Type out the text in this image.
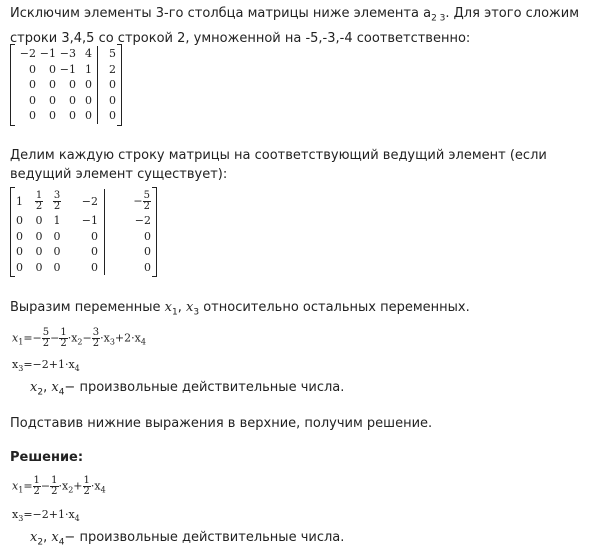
Исключим элементы 3-го столбца матрицы ниже элемента $a_{2 3}$. Для этого сложим
строки 3,4,5 со строкой 2, умноженной на -5,-3,-4 соответственно:
−2	−1	−3	4	5
0	0	−1	1	2
0	0	0	0	0
0	0	0	0	0
0	0	0	0	0
Делим каждую строку матрицы на соответствующий ведущий элемент (если ведущий элемент существует):
1	$\frac{1}{2}$	$\frac{3}{2}$	−2	− $\frac{5}{2}$

0	0	1	−1	−2
0	0	0	0	0
0	0	0	0	0
0	0	0	0	0
Выразим переменные $x_1$, $x_3$ относительно остальных переменных.
$x_1=- \frac{5}{2} - \frac{1}{2} \cdot x_2- \frac{3}{2} \cdot x_3+2\cdot x_4$
$x_3=-2+1\cdot x_4$
$x_2$, $x_4-$ произвольные действительные числа.
Подставив нижние выражения в верхние, получим решение.
Решение:
$x_1= \frac{1}{2} - \frac{1}{2} \cdot x_2+ \frac{1}{2} \cdot x_4$
$x_3=-2+1\cdot x_4$
$x_2$, $x_4-$ произвольные действительные числа.
